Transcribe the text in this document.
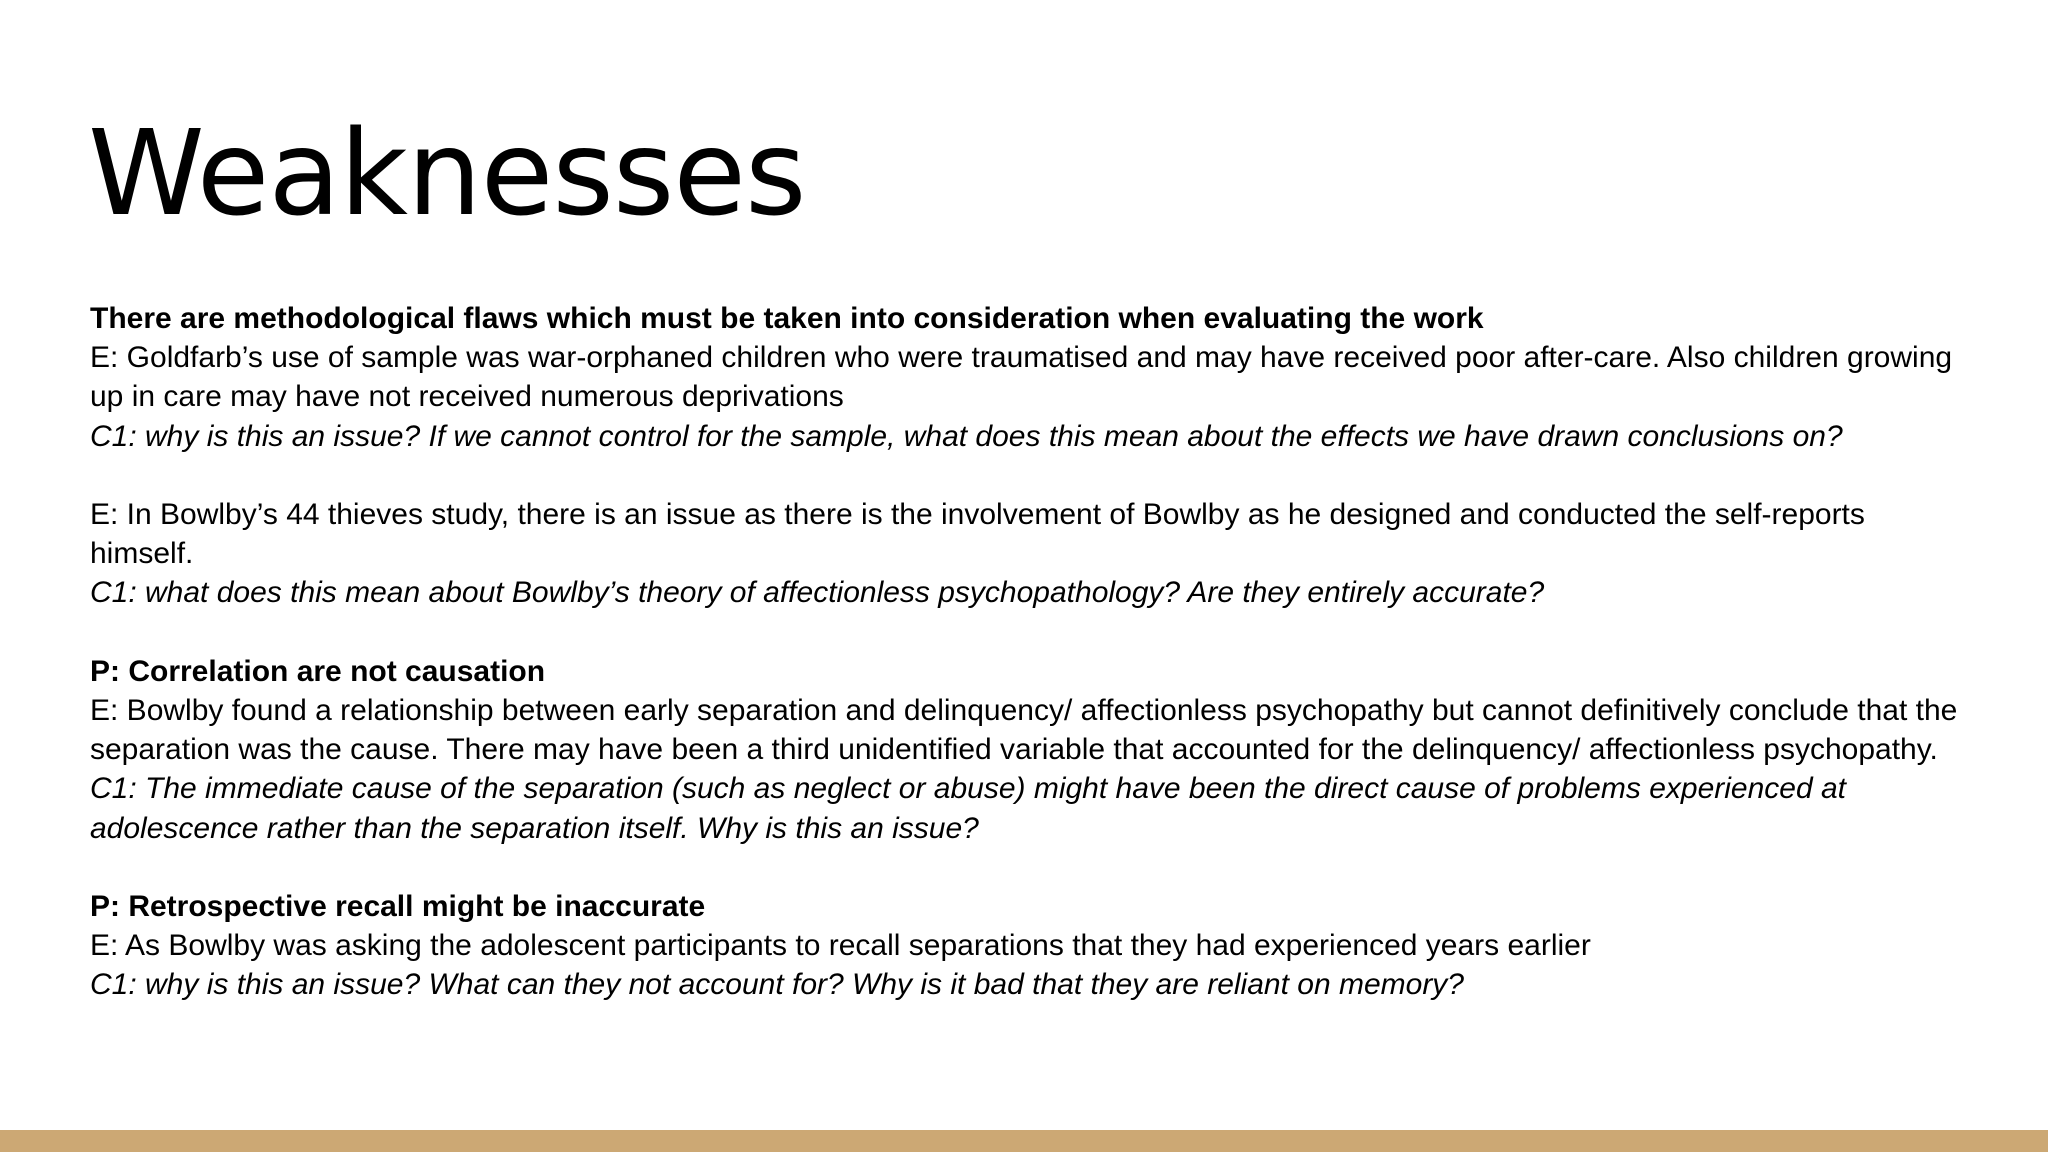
Weaknesses
There are methodological flaws which must be taken into consideration when evaluating the work
E: Goldfarb’s use of sample was war-orphaned children who were traumatised and may have received poor after-care. Also children growing up in care may have not received numerous deprivations
C1: why is this an issue? If we cannot control for the sample, what does this mean about the effects we have drawn conclusions on?
E: In Bowlby’s 44 thieves study, there is an issue as there is the involvement of Bowlby as he designed and conducted the self-reports himself.
C1: what does this mean about Bowlby’s theory of affectionless psychopathology? Are they entirely accurate?
P: Correlation are not causation
E: Bowlby found a relationship between early separation and delinquency/ affectionless psychopathy but cannot definitively conclude that the separation was the cause. There may have been a third unidentified variable that accounted for the delinquency/ affectionless psychopathy.
C1: The immediate cause of the separation (such as neglect or abuse) might have been the direct cause of problems experienced at adolescence rather than the separation itself. Why is this an issue?
P: Retrospective recall might be inaccurate
E: As Bowlby was asking the adolescent participants to recall separations that they had experienced years earlier
C1: why is this an issue? What can they not account for? Why is it bad that they are reliant on memory?
